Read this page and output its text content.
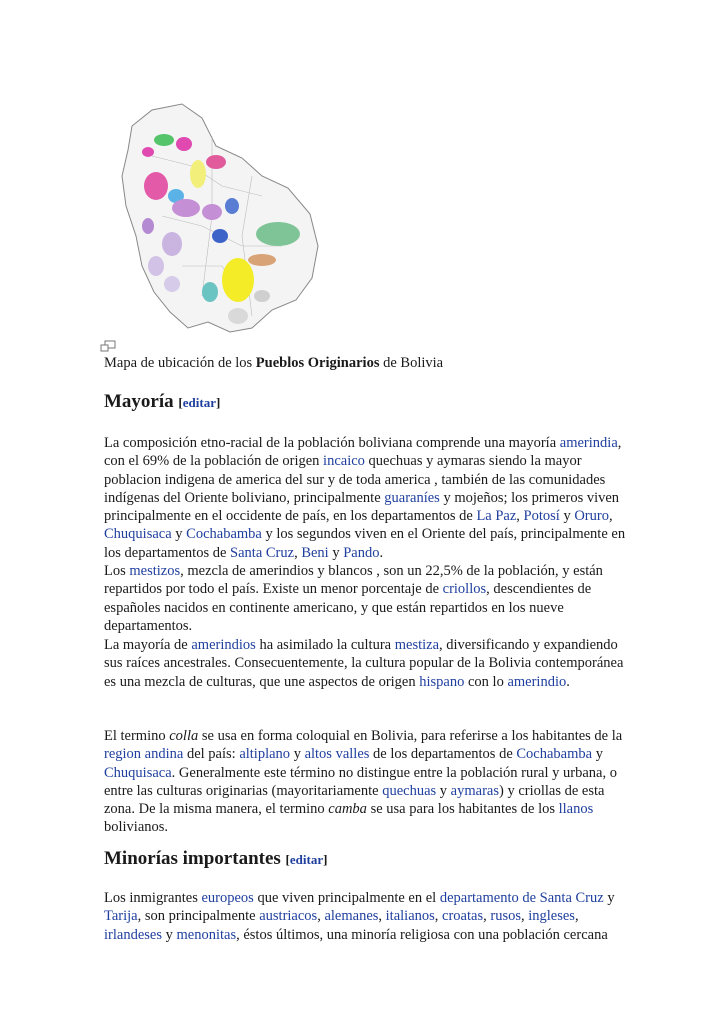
Mapa de ubicación de los Pueblos Originarios de Bolivia
Mayoría [editar]
La composición etno-racial de la población boliviana comprende una mayoría amerindia, con el 69% de la población de origen incaico quechuas y aymaras siendo la mayor poblacion indigena de america del sur y de toda america , también de las comunidades indígenas del Oriente boliviano, principalmente guaraníes y mojeños; los primeros viven principalmente en el occidente de país, en los departamentos de La Paz, Potosí y Oruro, Chuquisaca y Cochabamba y los segundos viven en el Oriente del país, principalmente en los departamentos de Santa Cruz, Beni y Pando.
Los mestizos, mezcla de amerindios y blancos , son un 22,5% de la población, y están repartidos por todo el país. Existe un menor porcentaje de criollos, descendientes de españoles nacidos en continente americano, y que están repartidos en los nueve departamentos.
La mayoría de amerindios ha asimilado la cultura mestiza, diversificando y expandiendo sus raíces ancestrales. Consecuentemente, la cultura popular de la Bolivia contemporánea es una mezcla de culturas, que une aspectos de origen hispano con lo amerindio.
El termino colla se usa en forma coloquial en Bolivia, para referirse a los habitantes de la region andina del país: altiplano y altos valles de los departamentos de Cochabamba y Chuquisaca. Generalmente este término no distingue entre la población rural y urbana, o entre las culturas originarias (mayoritariamente quechuas y aymaras) y criollas de esta zona. De la misma manera, el termino camba se usa para los habitantes de los llanos bolivianos.
Minorías importantes [editar]
Los inmigrantes europeos que viven principalmente en el departamento de Santa Cruz y Tarija, son principalmente austriacos, alemanes, italianos, croatas, rusos, ingleses, irlandeses y menonitas, éstos últimos, una minoría religiosa con una población cercana
